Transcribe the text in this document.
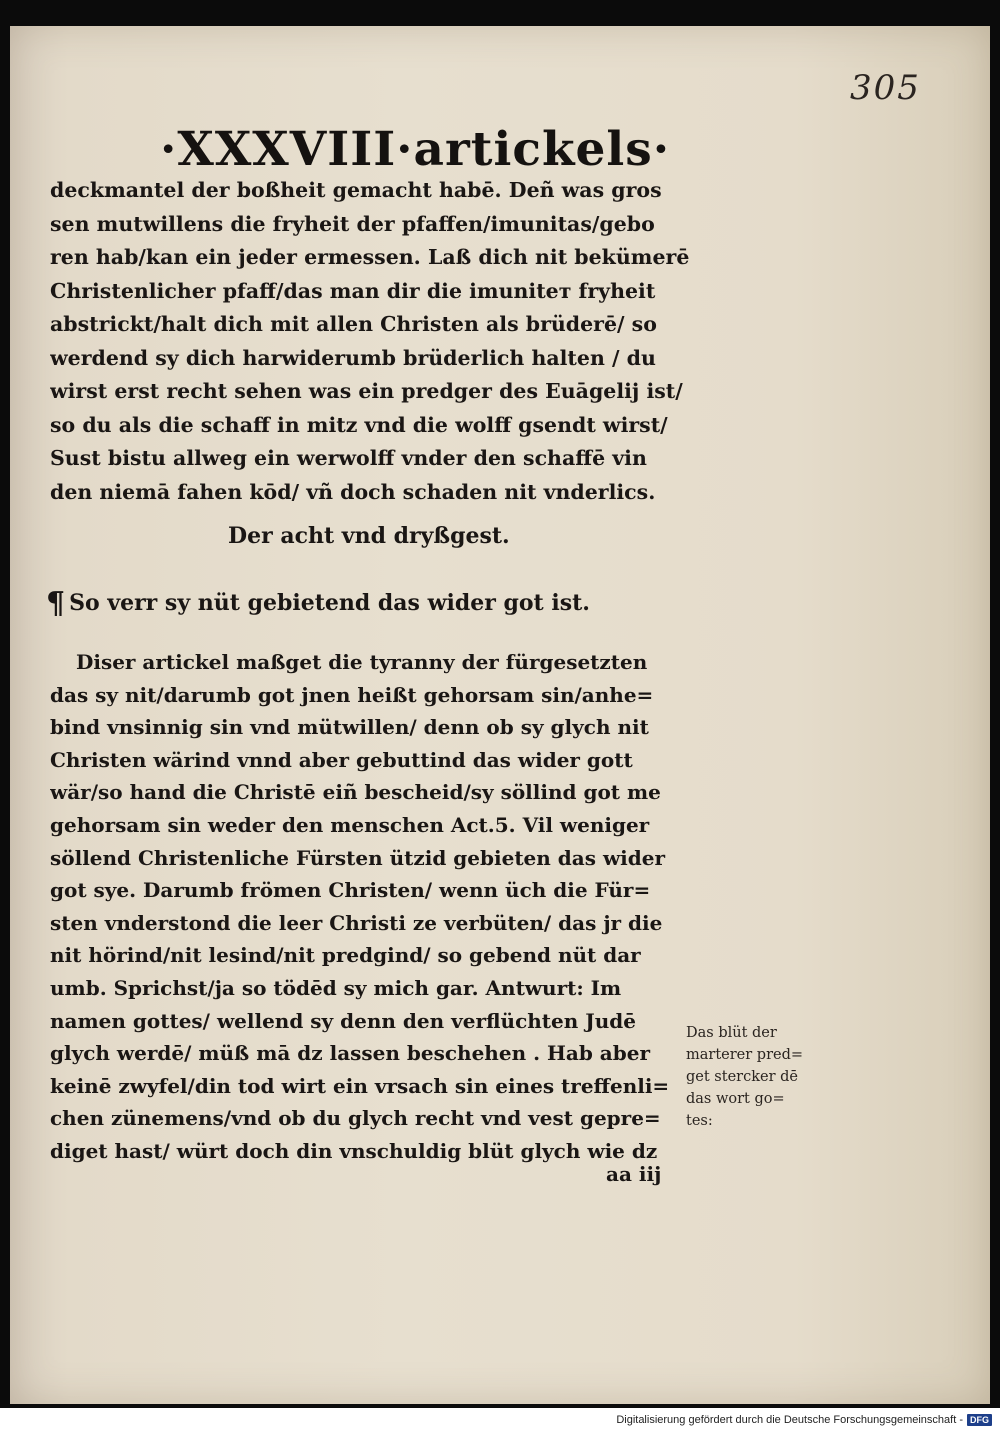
305
·XXXVIII·artickels·
deckmantel der boßheit gemacht habē. Deñ was gros
sen mutwillens die fryheit der pfaffen/imunitas/gebo
ren hab/kan ein jeder ermessen. Laß dich nit bekümerē
Christenlicher pfaff/das man dir die imuniteт fryheit
abstrickt/halt dich mit allen Christen als brüderē/ so
werdend sy dich harwiderumb brüderlich halten / du
wirst erst recht sehen was ein predger des Euāgelij ist/
so du als die schaff in mitz vnd die wolff gsendt wirst/
Sust bistu allweg ein werwolff vnder den schaffē vin
den niemā fahen kōd/ vñ doch schaden nit vnderlics.
Der acht vnd dryßgest.
¶ So verr sy nüt gebietend das wider got ist.
Diser artickel maßget die tyranny der fürgesetzten
das sy nit/darumb got jnen heißt gehorsam sin/anhe=
bind vnsinnig sin vnd mütwillen/ denn ob sy glych nit
Christen wärind vnnd aber gebuttind das wider gott
wär/so hand die Christē eiñ bescheid/sy söllind got me
gehorsam sin weder den menschen Act.5. Vil weniger
söllend Christenliche Fürsten ützid gebieten das wider
got sye. Darumb frömen Christen/ wenn üch die Für=
sten vnderstond die leer Christi ze verbüten/ das jr die
nit hörind/nit lesind/nit predgind/ so gebend nüt dar
umb. Sprichst/ja so tödēd sy mich gar. Antwurt: Im
namen gottes/ wellend sy denn den verflüchten Judē
glych werdē/ müß mā dz lassen beschehen . Hab aber
keinē zwyfel/din tod wirt ein vrsach sin eines treffenli=
chen zünemens/vnd ob du glych recht vnd vest gepre=
diget hast/ würt doch din vnschuldig blüt glych wie dz
Das blüt der
marterer pred=
get stercker dē
das wort go=
tes:
aa iij
Digitalisierung gefördert durch die Deutsche Forschungsgemeinschaft - DFG
